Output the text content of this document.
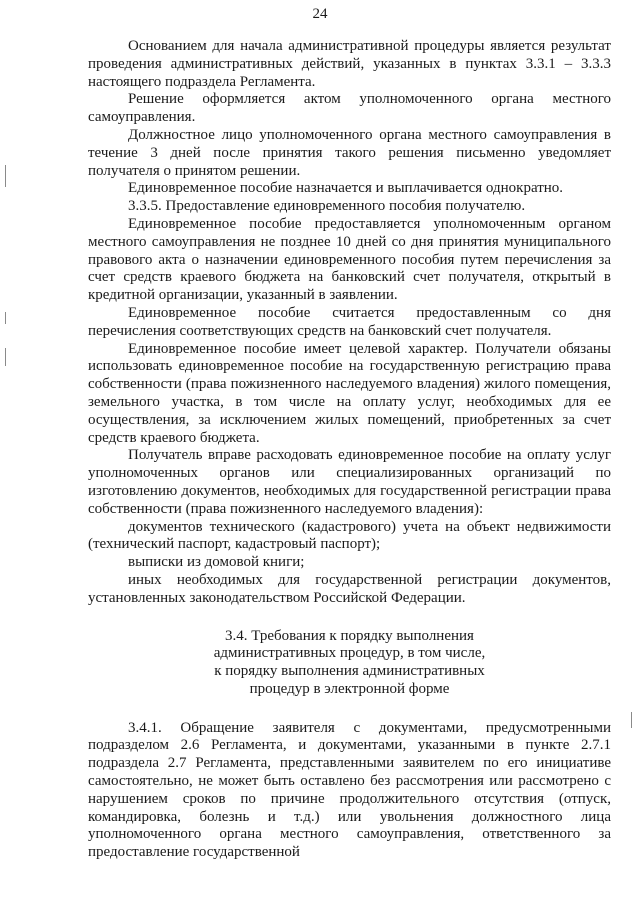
24

Основанием для начала административной процедуры является результат проведения административных действий, указанных в пунктах 3.3.1 – 3.3.3 настоящего подраздела Регламента.

Решение оформляется актом уполномоченного органа местного самоуправления.

Должностное лицо уполномоченного органа местного самоуправления в течение 3 дней после принятия такого решения письменно уведомляет получателя о принятом решении.

Единовременное пособие назначается и выплачивается однократно.

3.3.5. Предоставление единовременного пособия получателю.

Единовременное пособие предоставляется уполномоченным органом местного самоуправления не позднее 10 дней со дня принятия муниципального правового акта о назначении единовременного пособия путем перечисления за счет средств краевого бюджета на банковский счет получателя, открытый в кредитной организации, указанный в заявлении.

Единовременное пособие считается предоставленным со дня перечисления соответствующих средств на банковский счет получателя.

Единовременное пособие имеет целевой характер. Получатели обязаны использовать единовременное пособие на государственную регистрацию права собственности (права пожизненного наследуемого владения) жилого помещения, земельного участка, в том числе на оплату услуг, необходимых для ее осуществления, за исключением жилых помещений, приобретенных за счет средств краевого бюджета.

Получатель вправе расходовать единовременное пособие на оплату услуг уполномоченных органов или специализированных организаций по изготовлению документов, необходимых для государственной регистрации права собственности (права пожизненного наследуемого владения):

документов технического (кадастрового) учета на объект недвижимости (технический паспорт, кадастровый паспорт);

выписки из домовой книги;

иных необходимых для государственной регистрации документов, установленных законодательством Российской Федерации.

3.4. Требования к порядку выполнения
административных процедур, в том числе,
к порядку выполнения административных
процедур в электронной форме

3.4.1. Обращение заявителя с документами, предусмотренными подразделом 2.6 Регламента, и документами, указанными в пункте 2.7.1 подраздела 2.7 Регламента, представленными заявителем по его инициативе самостоятельно, не может быть оставлено без рассмотрения или рассмотрено с нарушением сроков по причине продолжительного отсутствия (отпуск, командировка, болезнь и т.д.) или увольнения должностного лица уполномоченного органа местного самоуправления, ответственного за предоставление государственной
